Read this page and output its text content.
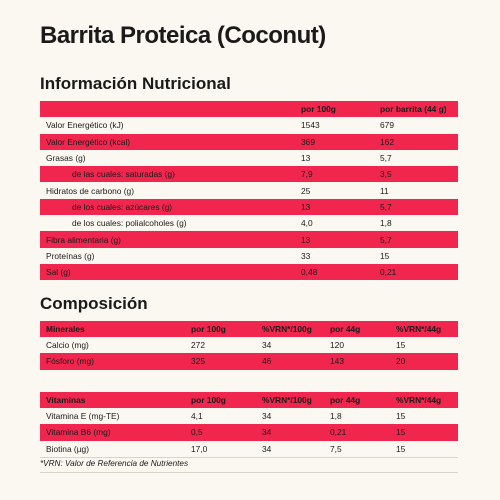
Barrita Proteica (Coconut)
Información Nutricional
	por 100g	por barrita (44 g)
Valor Energético (kJ)	1543	679
Valor Energético (kcal)	369	162
Grasas (g)	13	5,7
de las cuales: saturadas (g)	7,9	3,5
Hidratos de carbono (g)	25	11
de los cuales: azúcares (g)	13	5,7
de los cuales: polialcoholes (g)	4,0	1,8
Fibra alimentaria (g)	13	5,7
Proteínas (g)	33	15
Sal (g)	0,48	0,21
Composición
Minerales	por 100g	%VRN*/100g	por 44g	%VRN*/44g
Calcio (mg)	272	34	120	15
Fósforo (mg)	325	46	143	20
Vitaminas	por 100g	%VRN*/100g	por 44g	%VRN*/44g
Vitamina E (mg-TE)	4,1	34	1,8	15
Vitamina B6 (mg)	0,5	34	0,21	15
Biotina (µg)	17,0	34	7,5	15
*VRN: Valor de Referencia de Nutrientes
